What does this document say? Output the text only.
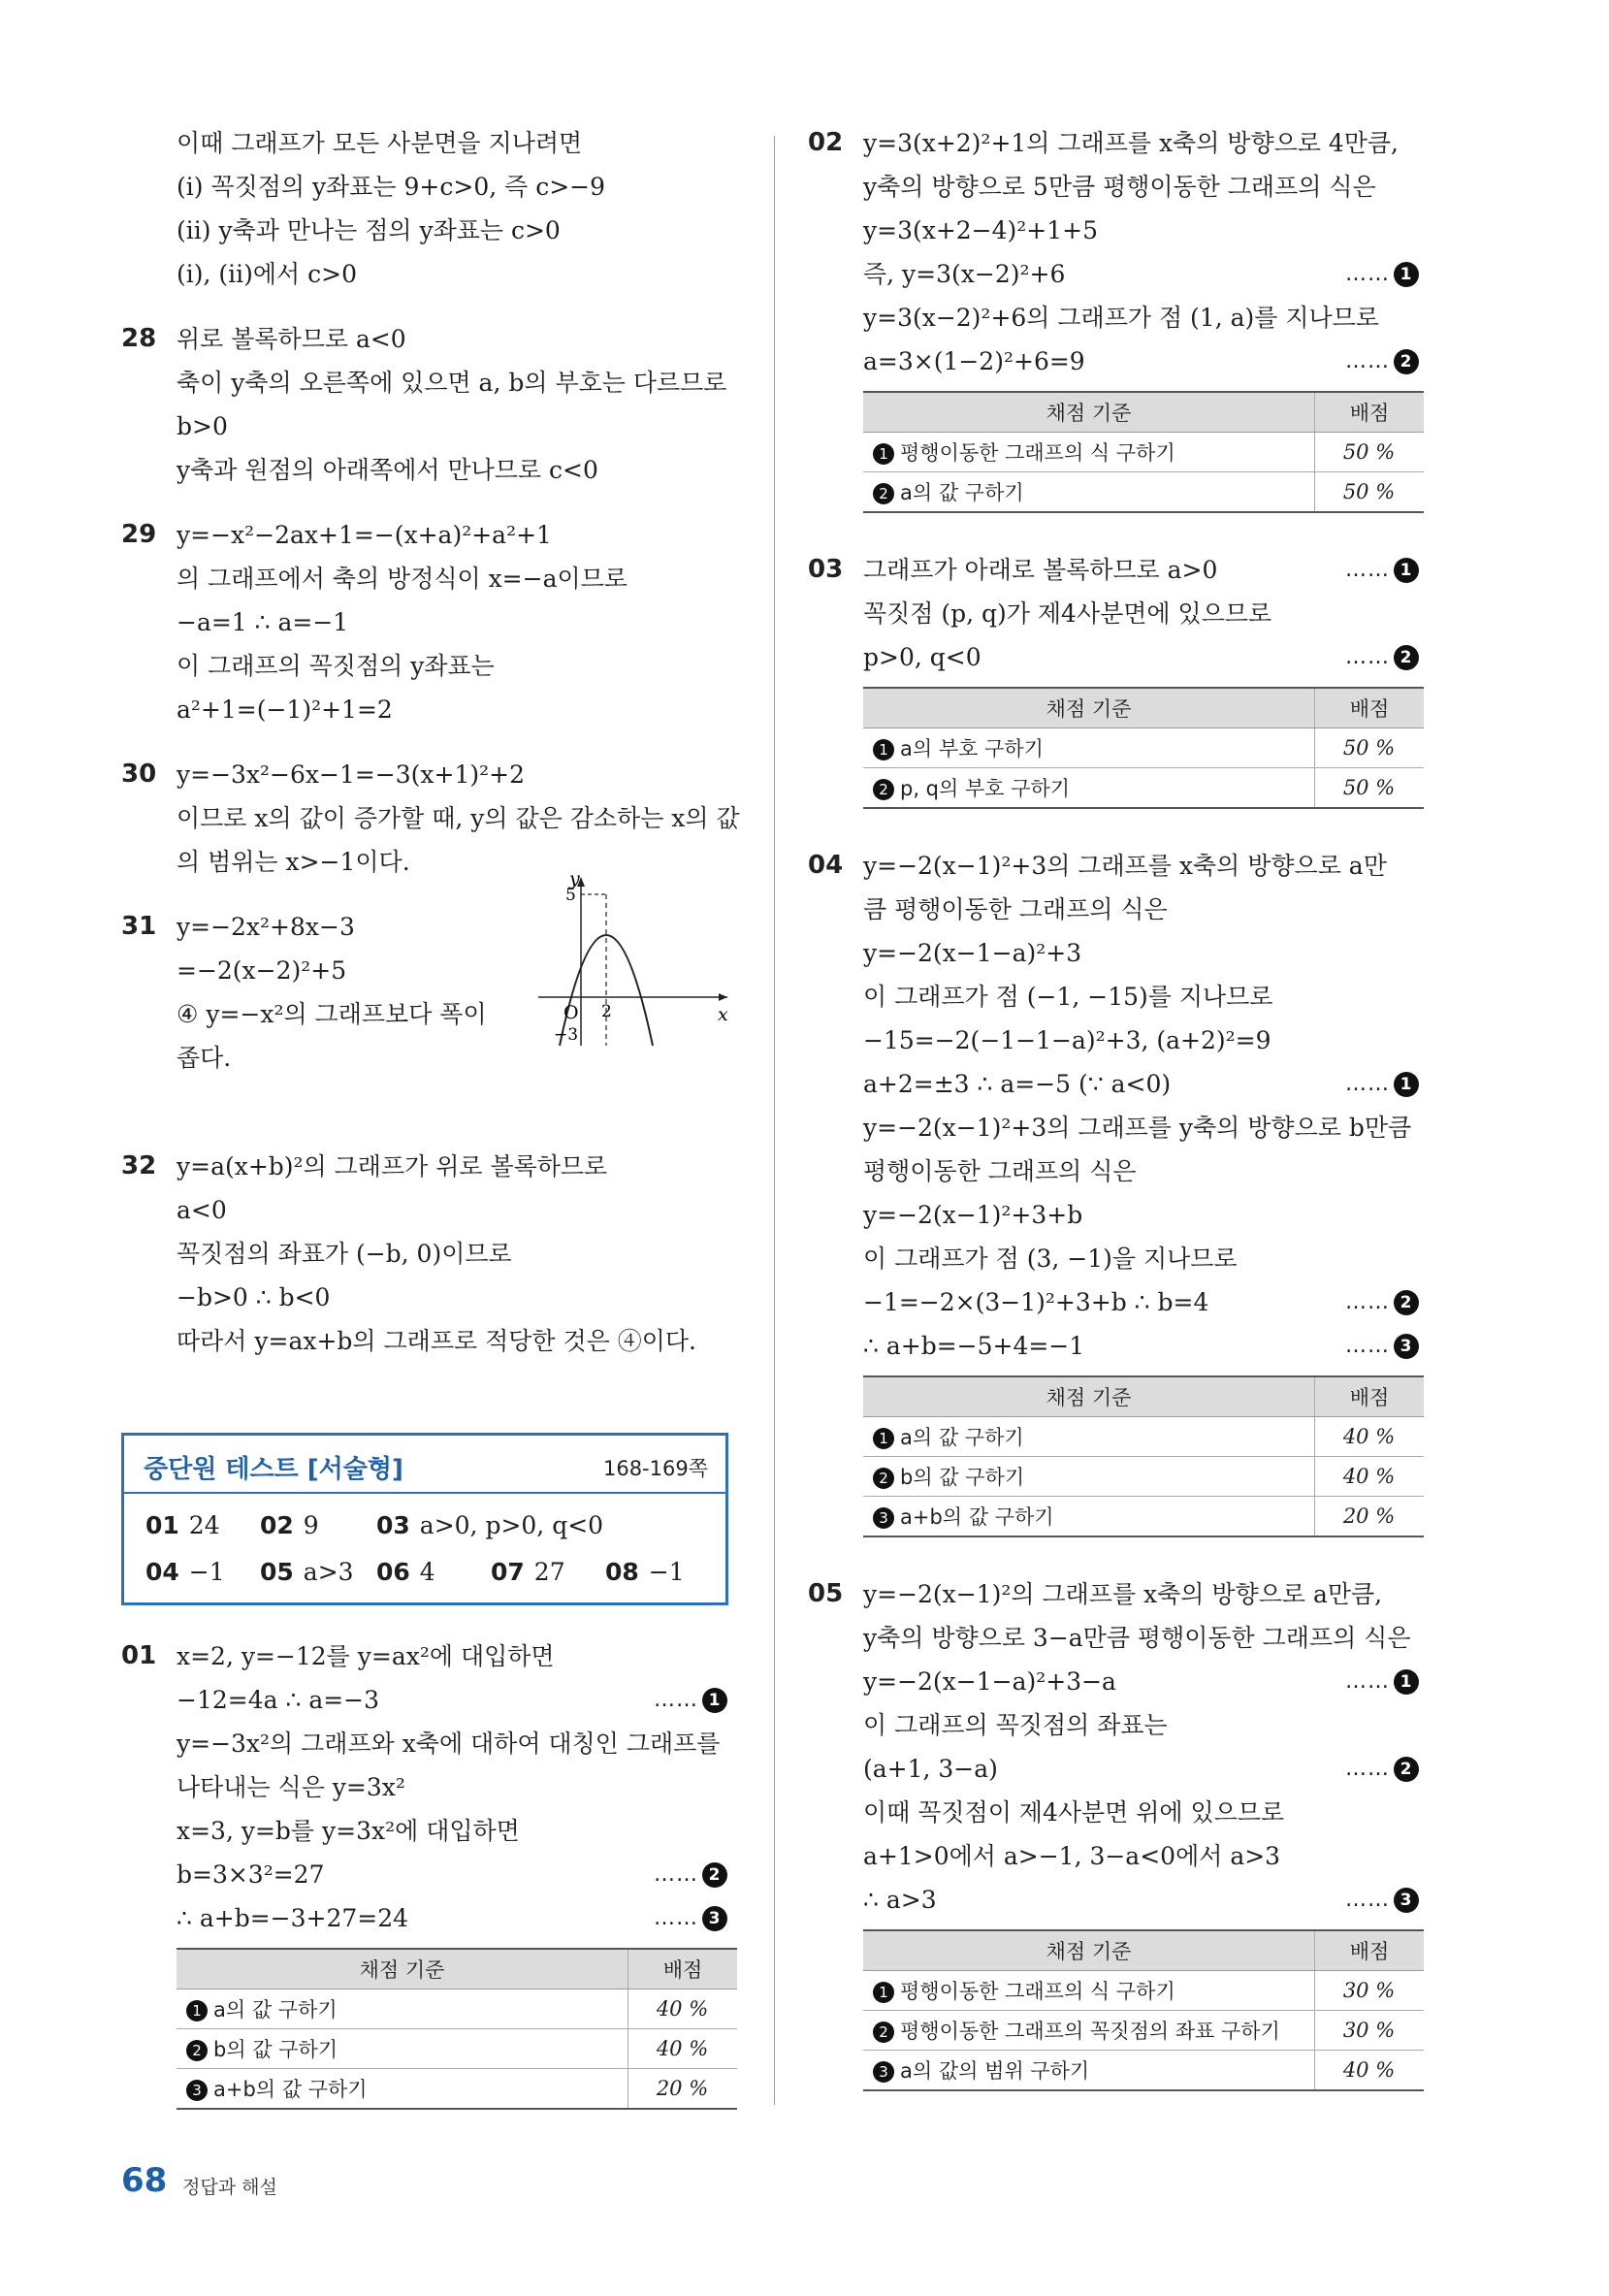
이때 그래프가 모든 사분면을 지나려면
(ⅰ) 꼭짓점의 y좌표는 9+c>0, 즉 c>−9
(ⅱ) y축과 만나는 점의 y좌표는 c>0
(ⅰ), (ⅱ)에서 c>0
28 위로 볼록하므로 a<0
축이 y축의 오른쪽에 있으면 a, b의 부호는 다르므로
b>0
y축과 원점의 아래쪽에서 만나므로 c<0
29 y=−x²−2ax+1=−(x+a)²+a²+1
의 그래프에서 축의 방정식이 x=−a이므로
−a=1 ∴ a=−1
이 그래프의 꼭짓점의 y좌표는
a²+1=(−1)²+1=2
30 y=−3x²−6x−1=−3(x+1)²+2
이므로 x의 값이 증가할 때, y의 값은 감소하는 x의 값
의 범위는 x>−1이다.
31 y=−2x²+8x−3
=−2(x−2)²+5
④ y=−x²의 그래프보다 폭이
좁다.
32 y=a(x+b)²의 그래프가 위로 볼록하므로
a<0
꼭짓점의 좌표가 (−b, 0)이므로
−b>0 ∴ b<0
따라서 y=ax+b의 그래프로 적당한 것은 ④이다.
y
x
O 2
5
−3
중단원 테스트 [서술형]	168-169쪽
01 24 02 9 03 a>0, p>0, q<0
04 −1 05 a>3 06 4 07 27 08 −1
01 x=2, y=−12를 y=ax²에 대입하면
−12=4a ∴ a=−3	…… 1
y=−3x²의 그래프와 x축에 대하여 대칭인 그래프를
나타내는 식은 y=3x²
x=3, y=b를 y=3x²에 대입하면
b=3×3²=27	…… 2
∴ a+b=−3+27=24	…… 3
채점 기준	배점
1 a의 값 구하기	40 %
2 b의 값 구하기	40 %
3 a+b의 값 구하기	20 %
02 y=3(x+2)²+1의 그래프를 x축의 방향으로 4만큼,
y축의 방향으로 5만큼 평행이동한 그래프의 식은
y=3(x+2−4)²+1+5
즉, y=3(x−2)²+6	…… 1
y=3(x−2)²+6의 그래프가 점 (1, a)를 지나므로
a=3×(1−2)²+6=9	…… 2
채점 기준	배점
1 평행이동한 그래프의 식 구하기	50 %
2 a의 값 구하기	50 %
03 그래프가 아래로 볼록하므로 a>0	…… 1
꼭짓점 (p, q)가 제4사분면에 있으므로
p>0, q<0	…… 2
채점 기준	배점
1 a의 부호 구하기	50 %
2 p, q의 부호 구하기	50 %
04 y=−2(x−1)²+3의 그래프를 x축의 방향으로 a만
큼 평행이동한 그래프의 식은
y=−2(x−1−a)²+3
이 그래프가 점 (−1, −15)를 지나므로
−15=−2(−1−1−a)²+3, (a+2)²=9
a+2=±3 ∴ a=−5 (∵ a<0)	…… 1
y=−2(x−1)²+3의 그래프를 y축의 방향으로 b만큼
평행이동한 그래프의 식은
y=−2(x−1)²+3+b
이 그래프가 점 (3, −1)을 지나므로
−1=−2×(3−1)²+3+b ∴ b=4	…… 2
∴ a+b=−5+4=−1	…… 3
채점 기준	배점
1 a의 값 구하기	40 %
2 b의 값 구하기	40 %
3 a+b의 값 구하기	20 %
05 y=−2(x−1)²의 그래프를 x축의 방향으로 a만큼,
y축의 방향으로 3−a만큼 평행이동한 그래프의 식은
y=−2(x−1−a)²+3−a	…… 1
이 그래프의 꼭짓점의 좌표는
(a+1, 3−a)	…… 2
이때 꼭짓점이 제4사분면 위에 있으므로
a+1>0에서 a>−1, 3−a<0에서 a>3
∴ a>3	…… 3
채점 기준	배점
1 평행이동한 그래프의 식 구하기	30 %
2 평행이동한 그래프의 꼭짓점의 좌표 구하기	30 %
3 a의 값의 범위 구하기	40 %
68 정답과 해설
